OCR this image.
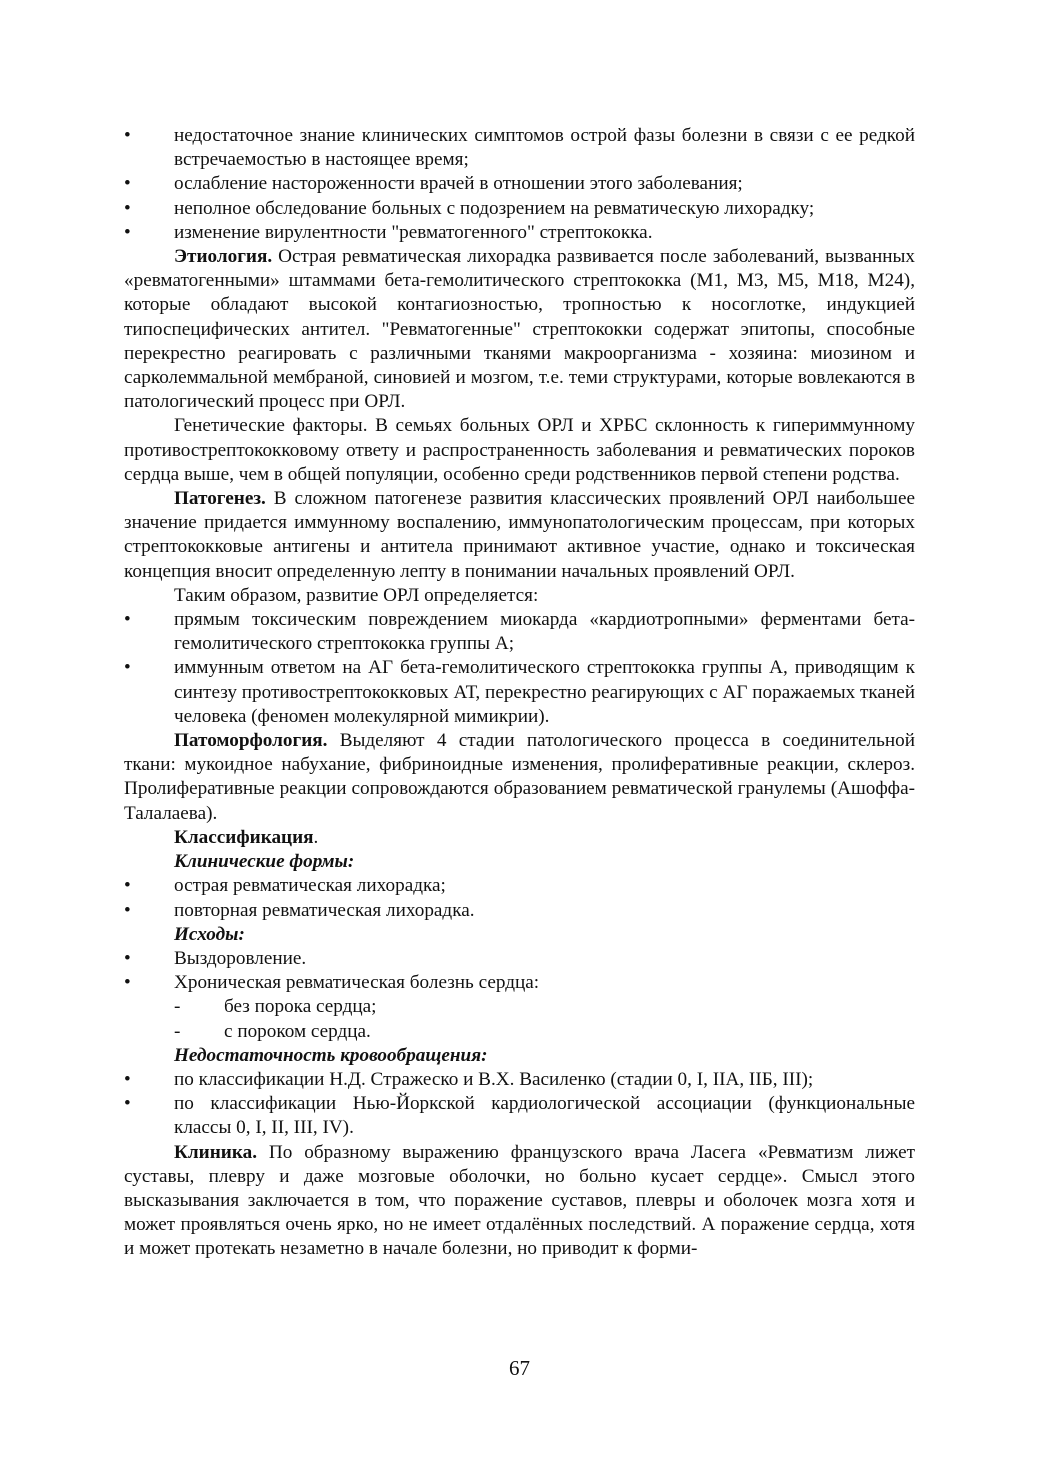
• недостаточное знание клинических симптомов острой фазы болезни в связи с ее редкой встречаемостью в настоящее время;
• ослабление настороженности врачей в отношении этого заболевания;
• неполное обследование больных с подозрением на ревматическую лихорадку;
• изменение вирулентности "ревматогенного" стрептококка.

Этиология. Острая ревматическая лихорадка развивается после заболеваний, вызванных «ревматогенными» штаммами бета-гемолитического стрептококка (M1, M3, M5, M18, M24), которые обладают высокой контагиозностью, тропностью к носоглотке, индукцией типоспецифических антител. "Ревматогенные" стрептококки содержат эпитопы, способные перекрестно реагировать с различными тканями макроорганизма - хозяина: миозином и сарколеммальной мембраной, синовией и мозгом, т.е. теми структурами, которые вовлекаются в патологический процесс при ОРЛ.

Генетические факторы. В семьях больных ОРЛ и ХРБС склонность к гипериммунному противострептококковому ответу и распространенность заболевания и ревматических пороков сердца выше, чем в общей популяции, особенно среди родственников первой степени родства.

Патогенез. В сложном патогенезе развития классических проявлений ОРЛ наибольшее значение придается иммунному воспалению, иммунопатологическим процессам, при которых стрептококковые антигены и антитела принимают активное участие, однако и токсическая концепция вносит определенную лепту в понимании начальных проявлений ОРЛ.

Таким образом, развитие ОРЛ определяется:

• прямым токсическим повреждением миокарда «кардиотропными» ферментами бета-гемолитического стрептококка группы А;
• иммунным ответом на АГ бета-гемолитического стрептококка группы А, приводящим к синтезу противострептококковых АТ, перекрестно реагирующих с АГ поражаемых тканей человека (феномен молекулярной мимикрии).

Патоморфология. Выделяют 4 стадии патологического процесса в соединительной ткани: мукоидное набухание, фибриноидные изменения, пролиферативные реакции, склероз. Пролиферативные реакции сопровождаются образованием ревматической гранулемы (Ашоффа-Талалаева).

Классификация.

Клинические формы:

• острая ревматическая лихорадка;
• повторная ревматическая лихорадка.

Исходы:

• Выздоровление.
• Хроническая ревматическая болезнь сердца:
- без порока сердца;
- с пороком сердца.

Недостаточность кровообращения:

• по классификации Н.Д. Стражеско и В.Х. Василенко (стадии 0, I, IIА, IIБ, III);
• по классификации Нью-Йоркской кардиологической ассоциации (функциональные классы 0, I, II, III, IV).

Клиника. По образному выражению французского врача Ласега «Ревматизм лижет суставы, плевру и даже мозговые оболочки, но больно кусает сердце». Смысл этого высказывания заключается в том, что поражение суставов, плевры и оболочек мозга хотя и может проявляться очень ярко, но не имеет отдалённых последствий. А поражение сердца, хотя и может протекать незаметно в начале болезни, но приводит к форми-

67
